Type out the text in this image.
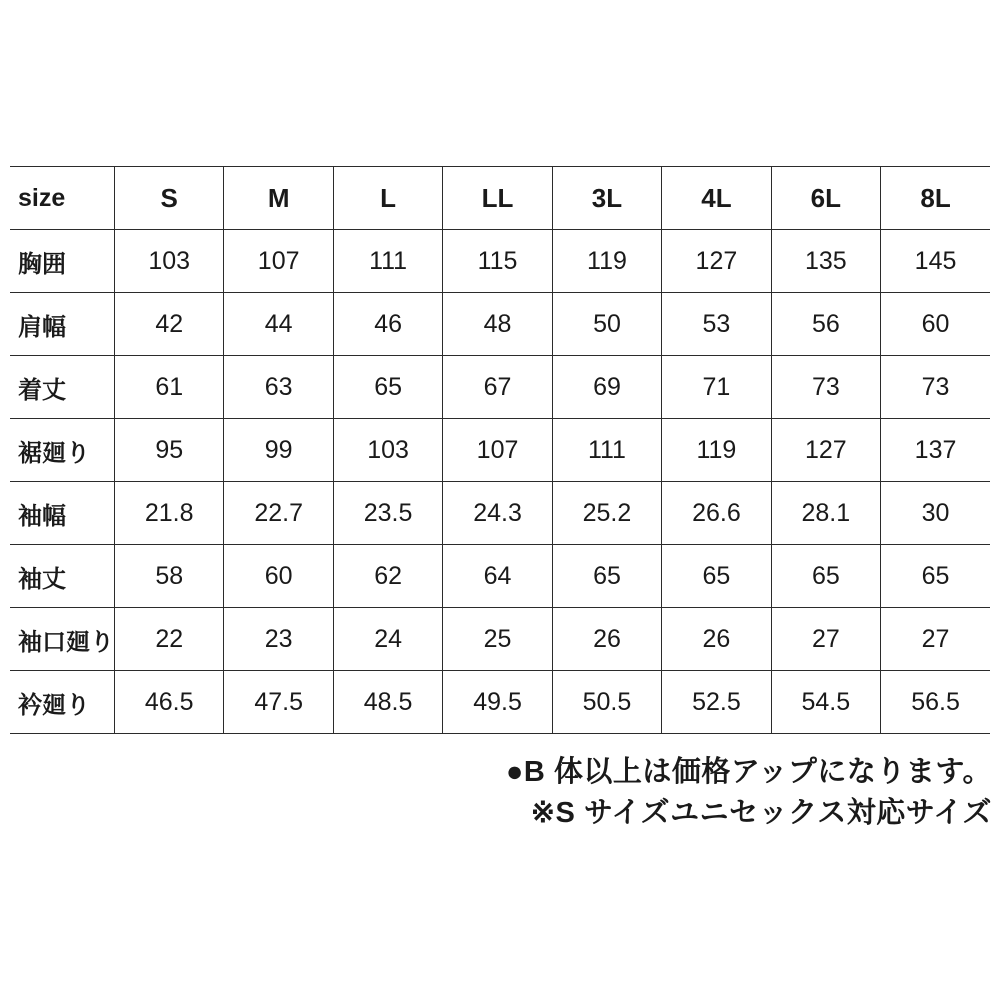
size	S	M	L	LL	3L	4L	6L	8L
胸囲	103	107	111	115	119	127	135	145
肩幅	42	44	46	48	50	53	56	60
着丈	61	63	65	67	69	71	73	73
裾廻り	95	99	103	107	111	119	127	137
袖幅	21.8	22.7	23.5	24.3	25.2	26.6	28.1	30
袖丈	58	60	62	64	65	65	65	65
袖口廻り	22	23	24	25	26	26	27	27
衿廻り	46.5	47.5	48.5	49.5	50.5	52.5	54.5	56.5
●B 体以上は価格アップになります。
※S サイズユニセックス対応サイズ
